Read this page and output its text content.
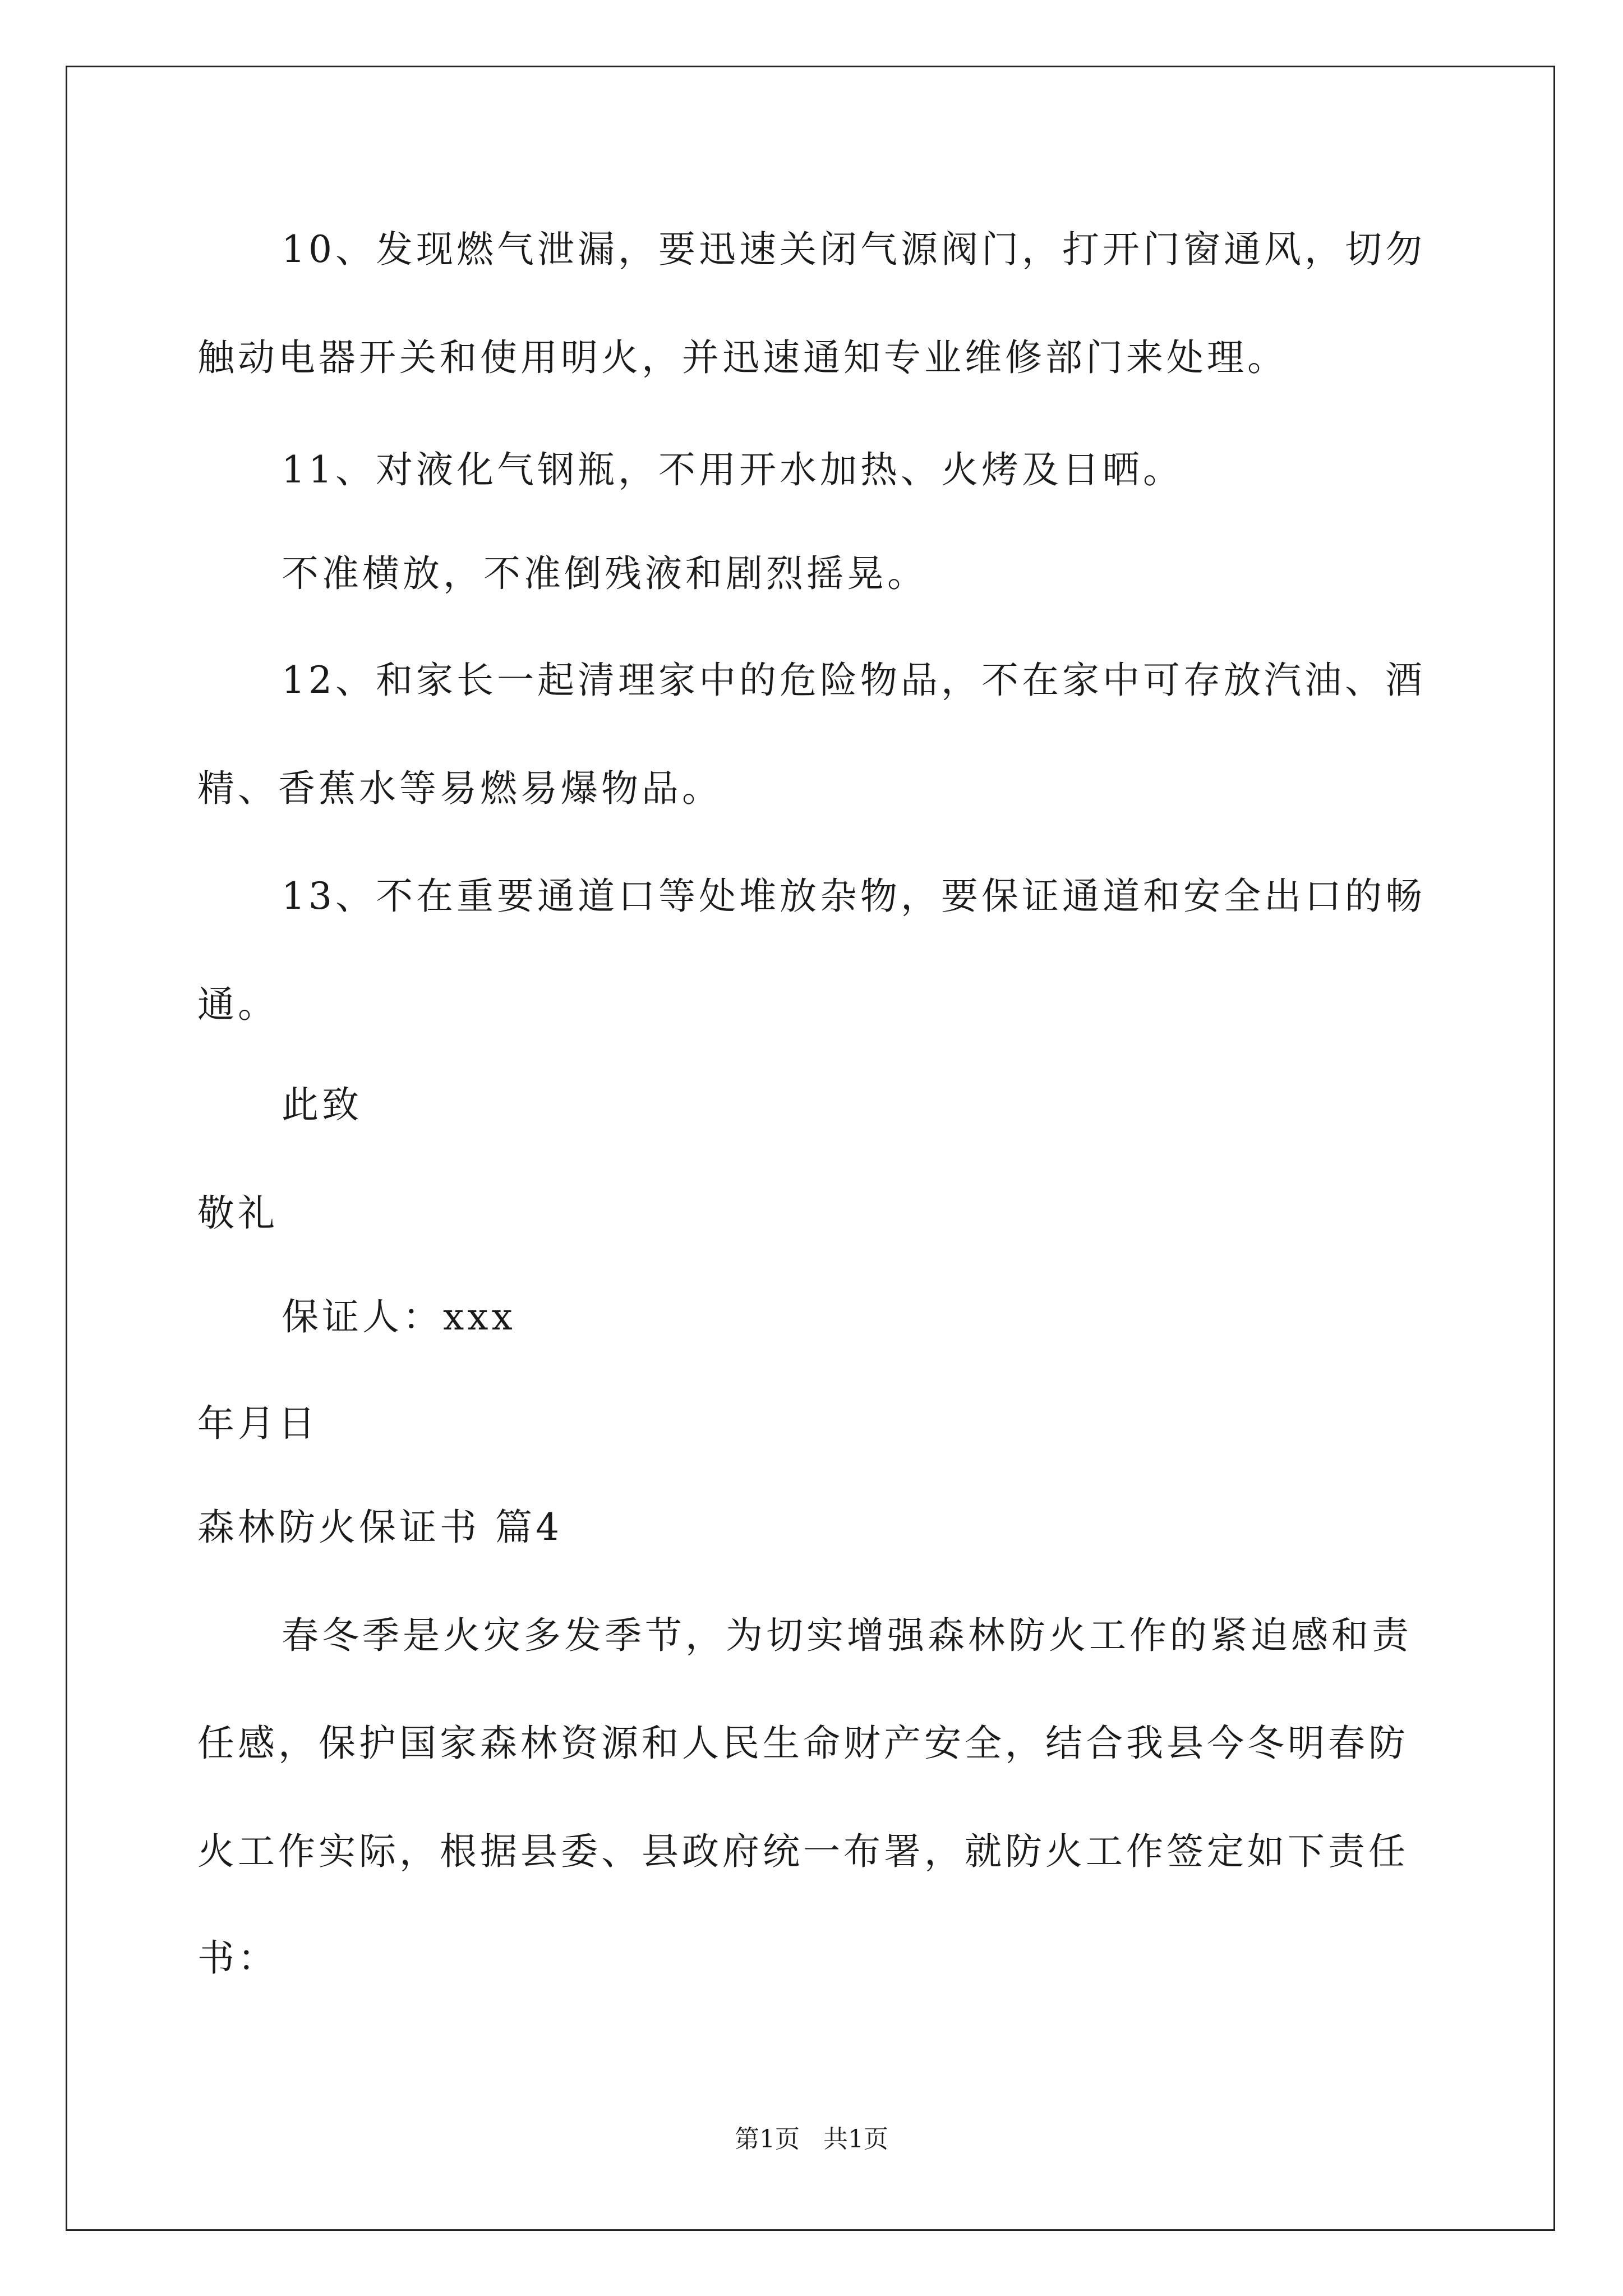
10、发现燃气泄漏，要迅速关闭气源阀门，打开门窗通风，切勿
触动电器开关和使用明火，并迅速通知专业维修部门来处理。
11、对液化气钢瓶，不用开水加热、火烤及日晒。
不准横放，不准倒残液和剧烈摇晃。
12、和家长一起清理家中的危险物品，不在家中可存放汽油、酒
精、香蕉水等易燃易爆物品。
13、不在重要通道口等处堆放杂物，要保证通道和安全出口的畅
通。
此致
敬礼
保证人：xxx
年月日
森林防火保证书 篇4
春冬季是火灾多发季节，为切实增强森林防火工作的紧迫感和责
任感，保护国家森林资源和人民生命财产安全，结合我县今冬明春防
火工作实际，根据县委、县政府统一布署，就防火工作签定如下责任
书：
第1页   共1页
